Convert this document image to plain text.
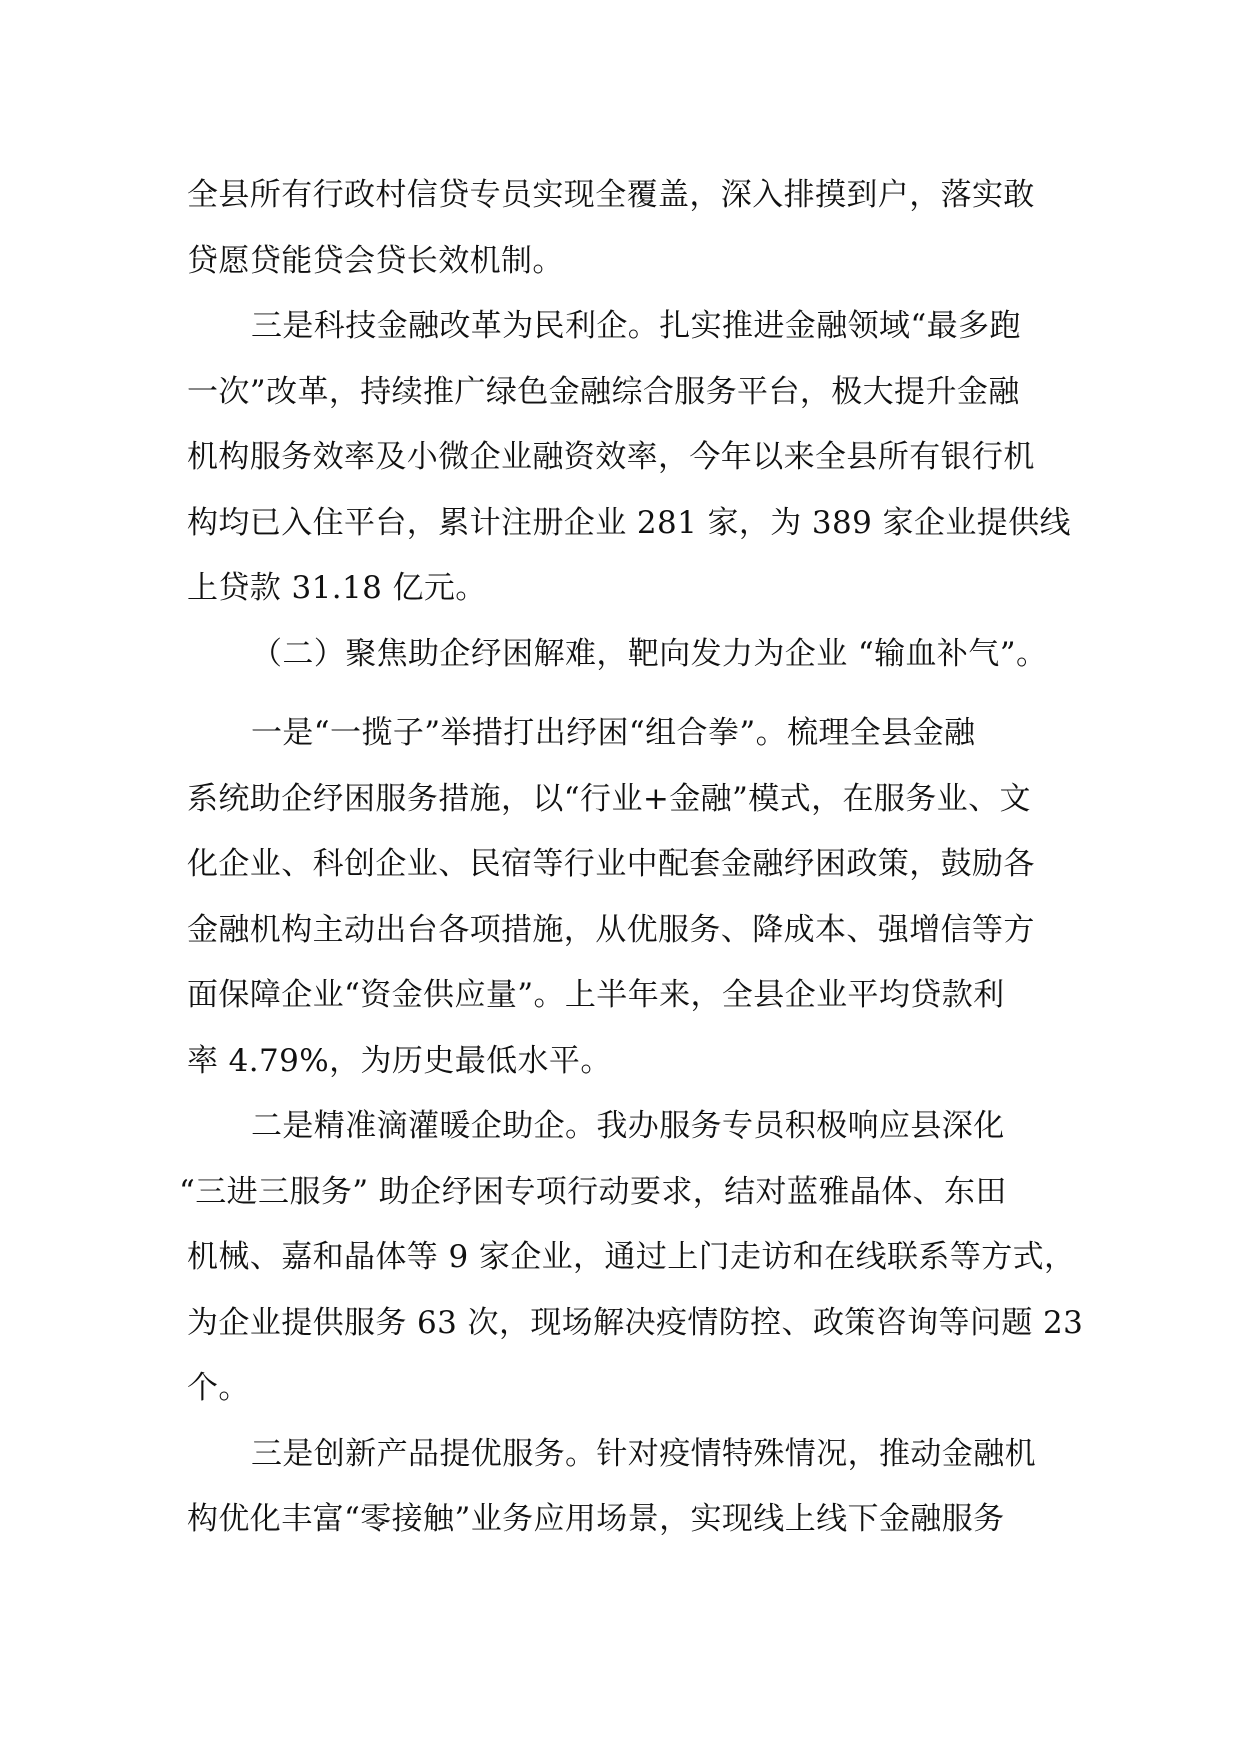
全县所有行政村信贷专员实现全覆盖，深入排摸到户，落实敢
贷愿贷能贷会贷长效机制。
三是科技金融改革为民利企。扎实推进金融领域“最多跑
一次”改革，持续推广绿色金融综合服务平台，极大提升金融
机构服务效率及小微企业融资效率，今年以来全县所有银行机
构均已入住平台，累计注册企业 281 家，为 389 家企业提供线
上贷款 31.18 亿元。
（二）聚焦助企纾困解难，靶向发力为企业 “输血补气”。
一是“一揽子”举措打出纾困“组合拳”。梳理全县金融
系统助企纾困服务措施，以“行业+金融”模式，在服务业、文
化企业、科创企业、民宿等行业中配套金融纾困政策，鼓励各
金融机构主动出台各项措施，从优服务、降成本、强增信等方
面保障企业“资金供应量”。上半年来，全县企业平均贷款利
率 4.79%，为历史最低水平。
二是精准滴灌暖企助企。我办服务专员积极响应县深化
“三进三服务” 助企纾困专项行动要求，结对蓝雅晶体、东田
机械、嘉和晶体等 9 家企业，通过上门走访和在线联系等方式，
为企业提供服务 63 次，现场解决疫情防控、政策咨询等问题 23
个。
三是创新产品提优服务。针对疫情特殊情况，推动金融机
构优化丰富“零接触”业务应用场景，实现线上线下金融服务
